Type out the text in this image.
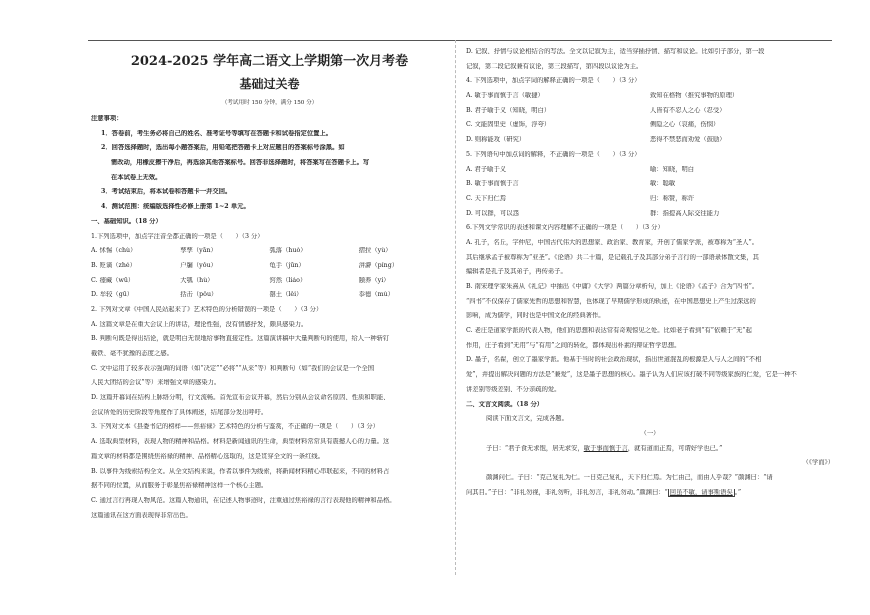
2024-2025 学年高二语文上学期第一次月考卷
基础过关卷
（考试用时 150 分钟，满分 150 分）
注意事项：
1．答卷前，考生务必将自己的姓名、准考证号等填写在答题卡和试卷指定位置上。
2．回答选择题时，选出每小题答案后，用铅笔把答题卡上对应题目的答案标号涂黑。如
需改动，用橡皮擦干净后，再选涂其他答案标号。回答非选择题时，将答案写在答题卡上。写
在本试卷上无效。
3．考试结束后，将本试卷和答题卡一并交回。
4．测试范围：统编版选择性必修上册第 1~2 单元。
一、基础知识。（18 分）
1.下列选项中，加点字注音全都正确的一项是（　　）（3 分）
A. 怵惕（chù）	孳孳（yān）	弧落（huò）	摺拉（yù）
B. 贬谪（zhé）	户牖（yǒu）	龟手（jūn）	洴澼（píng）
C. 瘗藏（wū）	大瓠（hù）	窍然（liáo）	颐养（yí）
D. 牟较（gū）	括击（pǒu）	罄土（lěi）	忝德（mù）
2. 下列对文章《中国人民站起来了》艺术特色的分析错误的一项是（　　）（3 分）
A. 这篇文章是在重大会议上的讲话，理论性强，没有情感抒发，颇具感染力。
B. 判断句既是得出结论，就是明白无误地给事物直接定性。这篇演讲稿中大量判断句的使用，给人一种斩钉
截铁、毫不犹豫的态度之感。
C. 文中运用了较多表示强调的词语（如“决定”“必将”“从来”等）和判断句（如“我们的会议是一个全国
人民大团结的会议”等）来增强文章的感染力。
D. 这篇开幕词在结构上脉络分明，行文流畅。首先宣布会议开幕，然后分别从会议命名原因、性质和职能、
会议所处的历史阶段等角度作了具体阐述，结尾部分发出呼吁。
3. 下列对文本《县委书记的榜样——焦裕禄》艺术特色的分析与鉴赏，不正确的一项是（　　）（3 分）
A. 选取典型材料，表现人物的精神和品格。材料是新闻通讯的生命，典型材料常常具有震撼人心的力量。这
篇文章的材料都是围绕焦裕禄的精神、品格精心选取的，这是贯穿全文的一条红线。
B. 以事件为线索结构全文。从全文结构来说，作者以事件为线索，将新闻材料精心串联起来，不同的材料占
据不同的位置，从而服务于彰显焦裕禄精神这样一个核心主题。
C. 通过言行再现人物风范。这篇人物通讯，在记述人物事迹时，注重通过焦裕禄的言行表现他的精神和品格。
这篇通讯在这方面表现得非常出色。
D. 记叙、抒情与议论相结合的写法。全文以记叙为主，适当穿插抒情、描写和议论。比如引子部分，第一段
记叙，第二段记叙兼有议论，第三段描写，第四段以议论为主。
4. 下列选项中，加点字词的解释正确的一项是（　　）（3 分）
A. 敏于事而慎于言（敏捷）	致知在格物（推究事物的原理）
B. 君子喻于义（知晓，明白）	人皆有不忍人之心（忍受）
C. 文能固里史（虚饰，浮夸）	侧隐之心（哀痛，伤悯）
D. 则称能攻（研究）	恶得不禁恶而劝爱（鼓励）
5. 下列语句中加点词的解释，不正确的一项是（　　）（3 分）
A. 君子喻于义	喻：知晓，明白
B. 敏于事而慎于言	敏：聪敏
C. 天下归仁焉	归：称赞，称许
D. 可以群，可以怨	群：指提高人际交往能力
6.下列文学常识的表述和课文内容理解不正确的一项是（　　）（3 分）
A. 孔子，名丘，字仲尼，中国古代伟大的思想家、政治家、教育家，开创了儒家学派，被尊称为“圣人”。
其后继承孟子被尊称为“亚圣”。《论语》共二十篇，是记载孔子及其部分弟子言行的一部语录体散文集，其
编辑者是孔子及其弟子，再传弟子。
B. 南宋理学家朱熹从《礼记》中抽出《中庸》《大学》两篇分章析句，加上《论语》《孟子》合为“四书”。
“四书”不仅保存了儒家先哲的思想和智慧，也体现了早期儒学形成的轨迹，在中国思想史上产生过深远的
影响，成为儒学，同时也是中国文化的经典著作。
C. 老庄是道家学派的代表人物，他们的思想和表达常有奇观惊见之处。比如老子看到“有”依赖于“无”起
作用，庄子看到“无用”与“有用”之间的转化，都体现出朴素的辩证哲学思想。
D. 墨子，名翟，创立了墨家学派。他基于当时的社会政治现状，指出世道混乱的根源是人与人之间的“不相
爱”，并提出解决问题的方法是“兼爱”，这是墨子思想的核心。墨子认为人们应该打破不同等级家族的仁爱，它是一种不
讲差别等级差别、不分亲疏的爱。
二、文言文阅读。（18 分）
阅读下面文言文，完成各题。
（一）
子曰：“君子食无求饱，居无求安，敏于事而慎于言，就有道而正焉，可谓好学也已。”
（《学而》）
颜渊问仁。子曰：“克己复礼为仁。一日克己复礼，天下归仁焉。为仁由己，而由人乎哉？”颜渊曰：“请
问其目。”子曰：“非礼勿视，非礼勿听，非礼勿言，非礼勿动。”颜渊曰：“ 回虽不敏，请事斯语矣 。”
